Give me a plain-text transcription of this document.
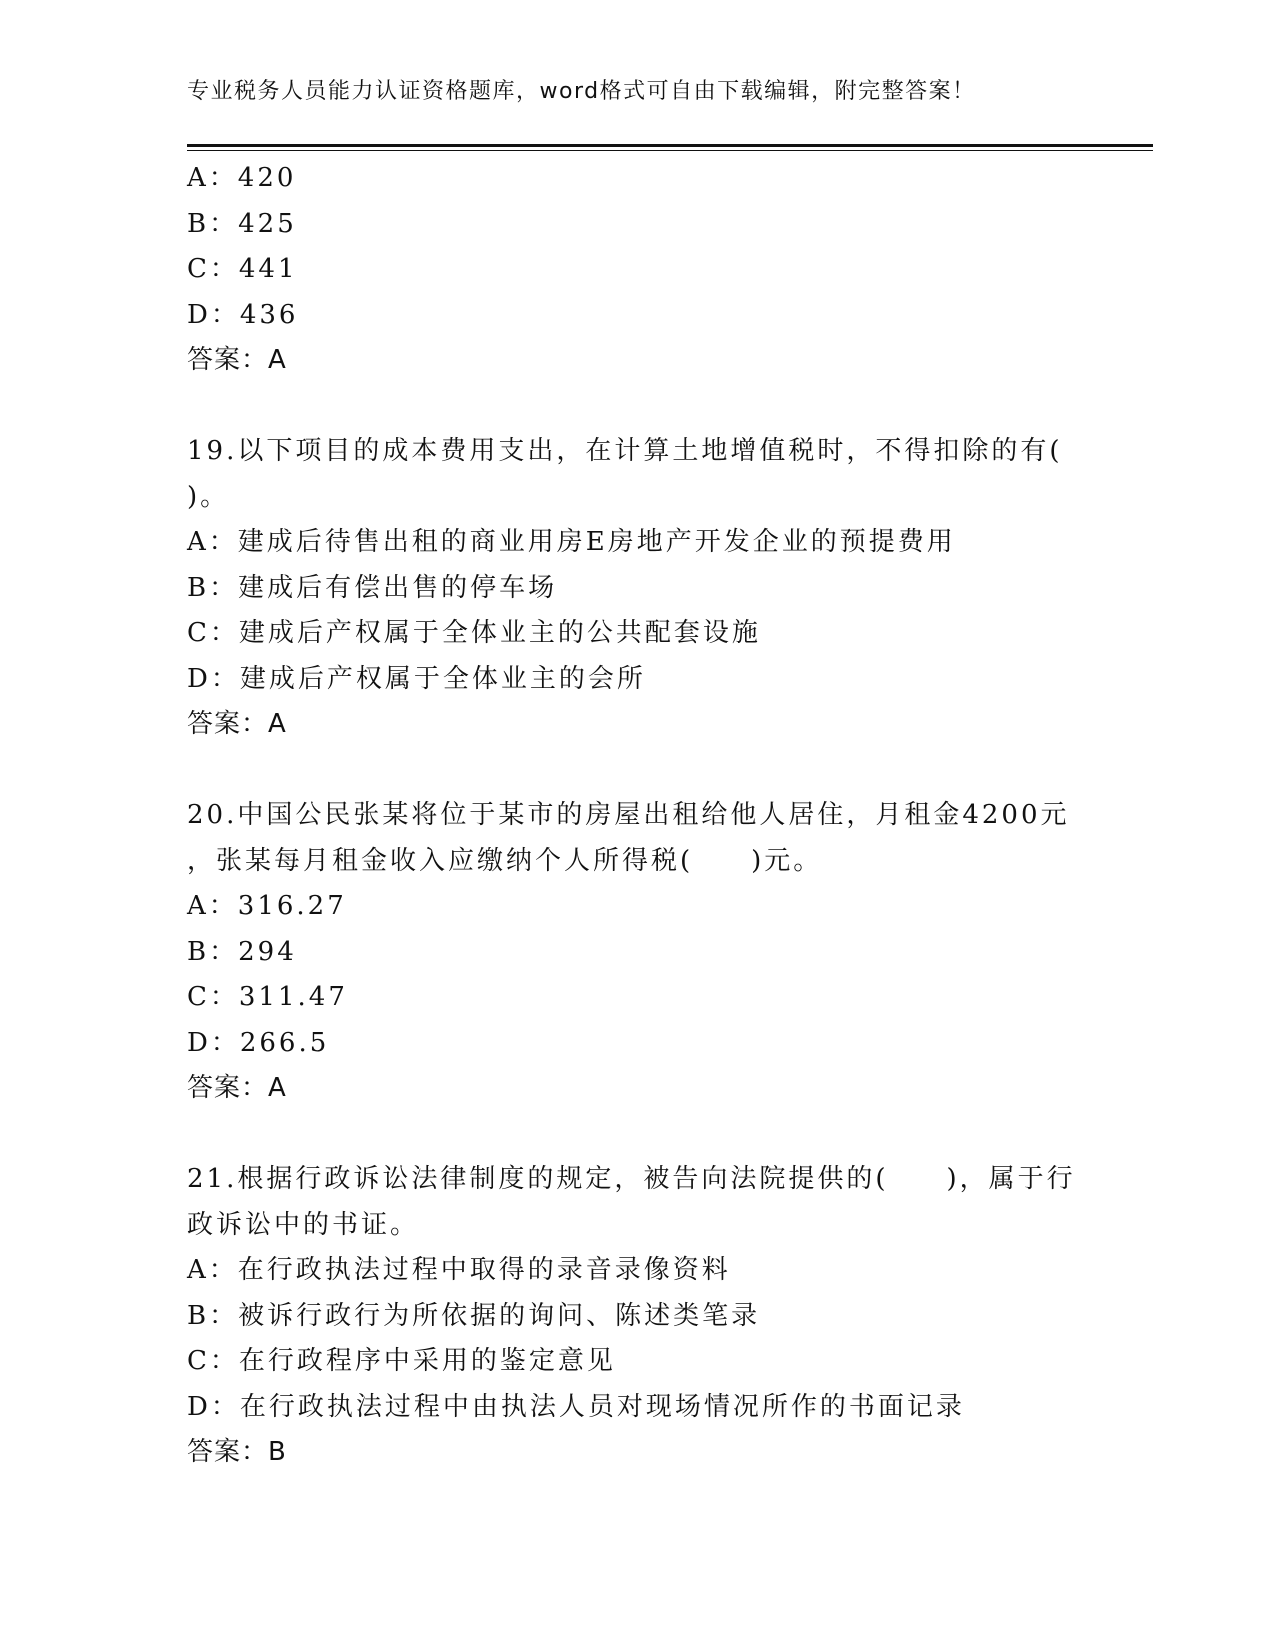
专业税务人员能力认证资格题库，word格式可自由下载编辑，附完整答案！
A：420
B：425
C：441
D：436
答案：A
19.以下项目的成本费用支出，在计算土地增值税时，不得扣除的有(
)。
A：建成后待售出租的商业用房E房地产开发企业的预提费用
B：建成后有偿出售的停车场
C：建成后产权属于全体业主的公共配套设施
D：建成后产权属于全体业主的会所
答案：A
20.中国公民张某将位于某市的房屋出租给他人居住，月租金4200元
，张某每月租金收入应缴纳个人所得税(　　)元。
A：316.27
B：294
C：311.47
D：266.5
答案：A
21.根据行政诉讼法律制度的规定，被告向法院提供的(　　)，属于行
政诉讼中的书证。
A：在行政执法过程中取得的录音录像资料
B：被诉行政行为所依据的询问、陈述类笔录
C：在行政程序中采用的鉴定意见
D：在行政执法过程中由执法人员对现场情况所作的书面记录
答案：B
